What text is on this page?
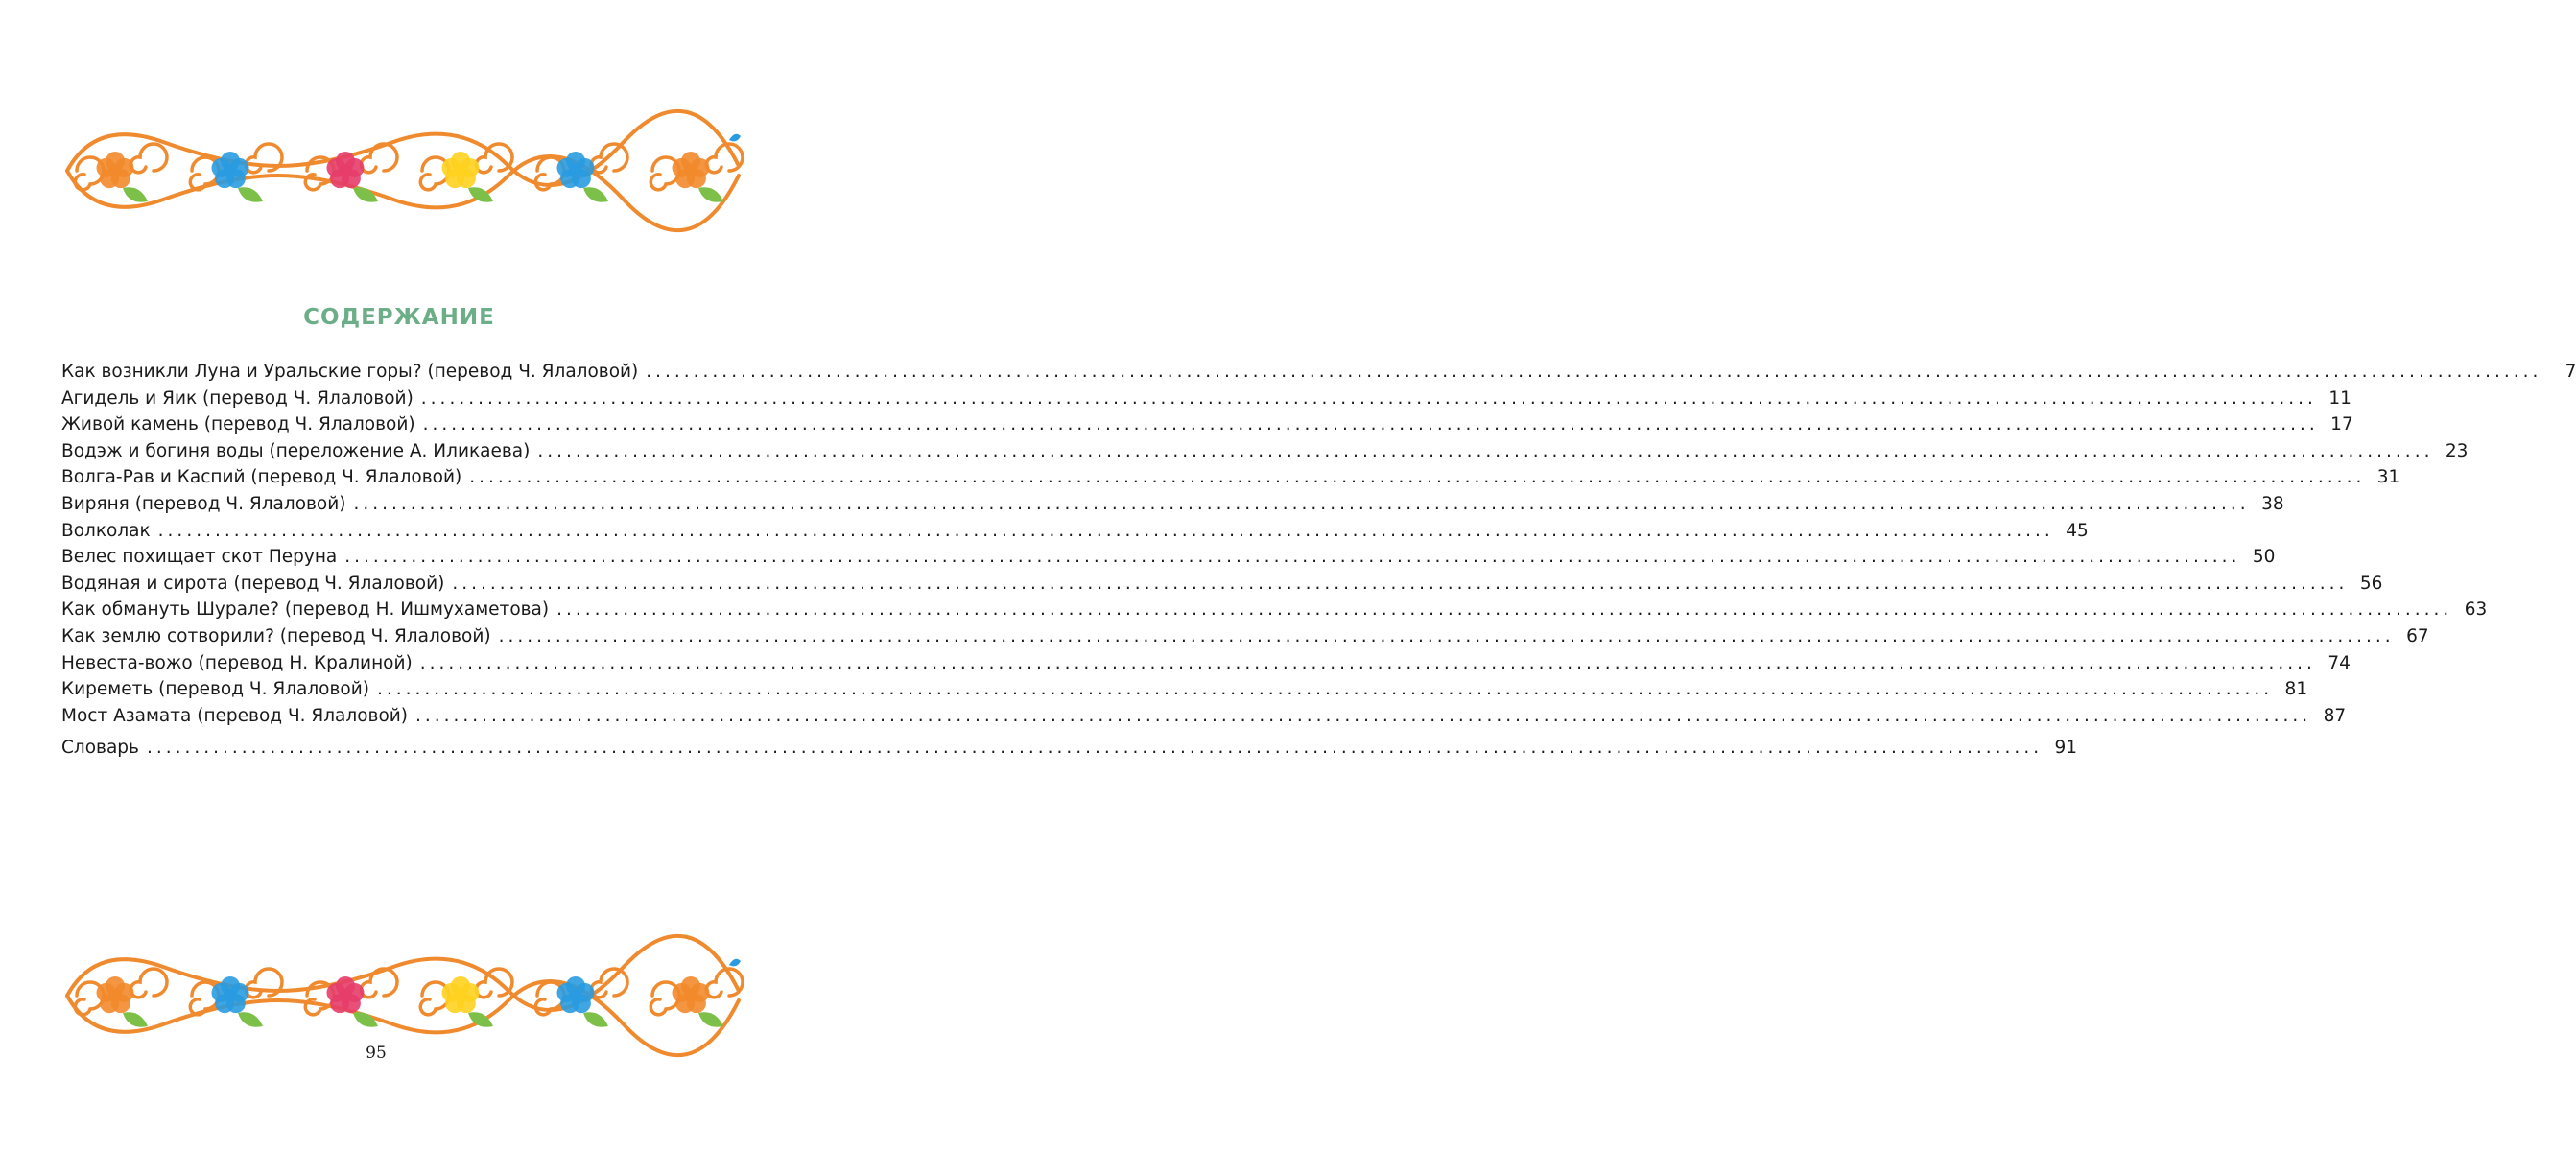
СОДЕРЖАНИЕ
Как возникли Луна и Уральские горы? (перевод Ч. Ялаловой) ........................................................................................................................................................................................................	7
Агидель и Яик (перевод Ч. Ялаловой) ........................................................................................................................................................................................................ 11
Живой камень (перевод Ч. Ялаловой) ........................................................................................................................................................................................................ 17
Водэж и богиня воды (переложение А. Иликаева) ........................................................................................................................................................................................................ 23
Волга-Рав и Каспий (перевод Ч. Ялаловой) ........................................................................................................................................................................................................ 31
Виряня (перевод Ч. Ялаловой) ........................................................................................................................................................................................................ 38
Волколак ........................................................................................................................................................................................................ 45
Велес похищает скот Перуна ........................................................................................................................................................................................................ 50
Водяная и сирота (перевод Ч. Ялаловой) ........................................................................................................................................................................................................ 56
Как обмануть Шурале? (перевод Н. Ишмухаметова) ........................................................................................................................................................................................................ 63
Как землю сотворили? (перевод Ч. Ялаловой) ........................................................................................................................................................................................................ 67
Невеста-вожо (перевод Н. Кралиной) ........................................................................................................................................................................................................ 74
Киреметь (перевод Ч. Ялаловой) ........................................................................................................................................................................................................ 81
Мост Азамата (перевод Ч. Ялаловой) ........................................................................................................................................................................................................ 87
Словарь ........................................................................................................................................................................................................ 91
95
